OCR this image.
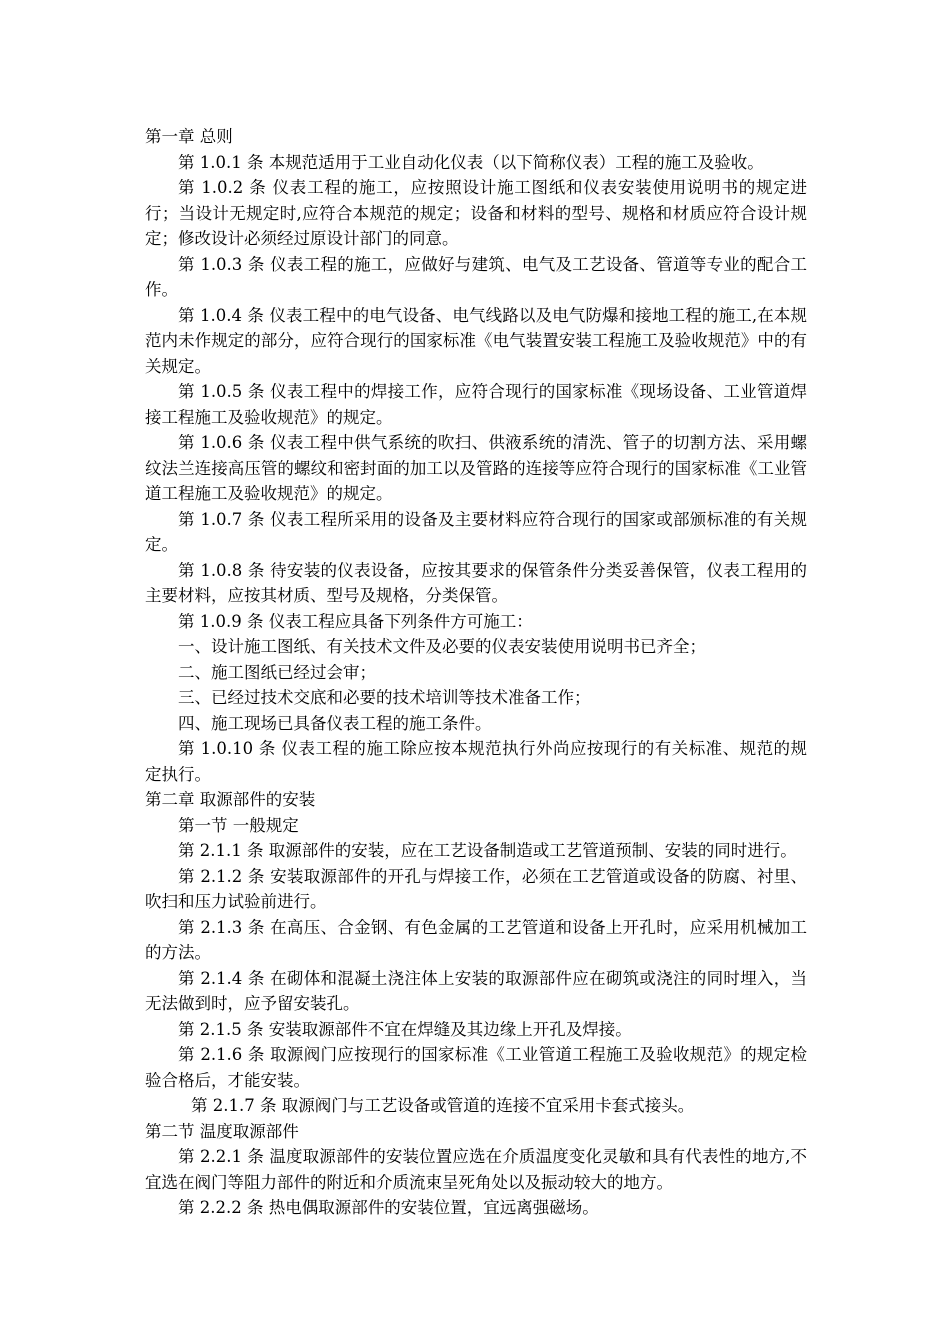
第一章 总则

第 1.0.1 条 本规范适用于工业自动化仪表（以下简称仪表）工程的施工及验收。

第 1.0.2 条 仪表工程的施工，应按照设计施工图纸和仪表安装使用说明书的规定进行；当设计无规定时,应符合本规范的规定；设备和材料的型号、规格和材质应符合设计规定；修改设计必须经过原设计部门的同意。

第 1.0.3 条 仪表工程的施工，应做好与建筑、电气及工艺设备、管道等专业的配合工作。

第 1.0.4 条 仪表工程中的电气设备、电气线路以及电气防爆和接地工程的施工,在本规范内未作规定的部分，应符合现行的国家标准《电气装置安装工程施工及验收规范》中的有关规定。

第 1.0.5 条 仪表工程中的焊接工作，应符合现行的国家标准《现场设备、工业管道焊接工程施工及验收规范》的规定。

第 1.0.6 条 仪表工程中供气系统的吹扫、供液系统的清洗、管子的切割方法、采用螺纹法兰连接高压管的螺纹和密封面的加工以及管路的连接等应符合现行的国家标准《工业管道工程施工及验收规范》的规定。

第 1.0.7 条 仪表工程所采用的设备及主要材料应符合现行的国家或部颁标准的有关规定。

第 1.0.8 条 待安装的仪表设备，应按其要求的保管条件分类妥善保管，仪表工程用的主要材料，应按其材质、型号及规格，分类保管。

第 1.0.9 条 仪表工程应具备下列条件方可施工：

一、设计施工图纸、有关技术文件及必要的仪表安装使用说明书已齐全；

二、施工图纸已经过会审；

三、已经过技术交底和必要的技术培训等技术准备工作；

四、施工现场已具备仪表工程的施工条件。

第 1.0.10 条 仪表工程的施工除应按本规范执行外尚应按现行的有关标准、规范的规定执行。

第二章 取源部件的安装

第一节 一般规定

第 2.1.1 条 取源部件的安装，应在工艺设备制造或工艺管道预制、安装的同时进行。

第 2.1.2 条 安装取源部件的开孔与焊接工作，必须在工艺管道或设备的防腐、衬里、吹扫和压力试验前进行。

第 2.1.3 条 在高压、合金钢、有色金属的工艺管道和设备上开孔时，应采用机械加工的方法。

第 2.1.4 条 在砌体和混凝土浇注体上安装的取源部件应在砌筑或浇注的同时埋入，当无法做到时，应予留安装孔。

第 2.1.5 条 安装取源部件不宜在焊缝及其边缘上开孔及焊接。

第 2.1.6 条 取源阀门应按现行的国家标准《工业管道工程施工及验收规范》的规定检验合格后，才能安装。

第 2.1.7 条 取源阀门与工艺设备或管道的连接不宜采用卡套式接头。

第二节 温度取源部件

第 2.2.1 条 温度取源部件的安装位置应选在介质温度变化灵敏和具有代表性的地方,不宜选在阀门等阻力部件的附近和介质流束呈死角处以及振动较大的地方。

第 2.2.2 条 热电偶取源部件的安装位置，宜远离强磁场。
